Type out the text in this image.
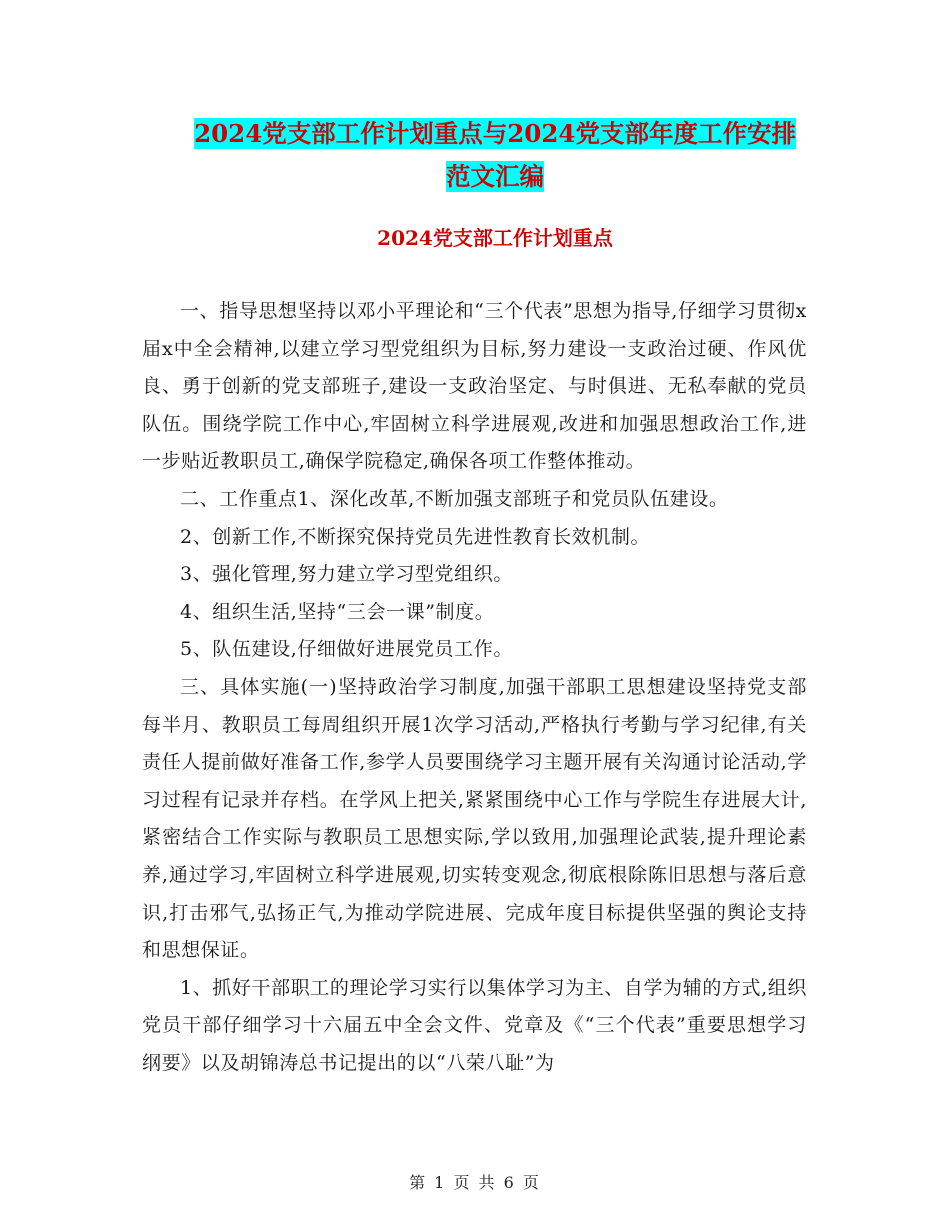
2024党支部工作计划重点与2024党支部年度工作安排
范文汇编
2024党支部工作计划重点

一、指导思想坚持以邓小平理论和“三个代表”思想为指导,仔细学习贯彻x届x中全会精神,以建立学习型党组织为目标,努力建设一支政治过硬、作风优良、勇于创新的党支部班子,建设一支政治坚定、与时俱进、无私奉献的党员队伍。围绕学院工作中心,牢固树立科学进展观,改进和加强思想政治工作,进一步贴近教职员工,确保学院稳定,确保各项工作整体推动。

二、工作重点1、深化改革,不断加强支部班子和党员队伍建设。

2、创新工作,不断探究保持党员先进性教育长效机制。

3、强化管理,努力建立学习型党组织。

4、组织生活,坚持“三会一课”制度。

5、队伍建设,仔细做好进展党员工作。

三、具体实施(一)坚持政治学习制度,加强干部职工思想建设坚持党支部每半月、教职员工每周组织开展1次学习活动,严格执行考勤与学习纪律,有关责任人提前做好准备工作,参学人员要围绕学习主题开展有关沟通讨论活动,学习过程有记录并存档。在学风上把关,紧紧围绕中心工作与学院生存进展大计,紧密结合工作实际与教职员工思想实际,学以致用,加强理论武装,提升理论素养,通过学习,牢固树立科学进展观,切实转变观念,彻底根除陈旧思想与落后意识,打击邪气,弘扬正气,为推动学院进展、完成年度目标提供坚强的舆论支持和思想保证。

1、抓好干部职工的理论学习实行以集体学习为主、自学为辅的方式,组织党员干部仔细学习十六届五中全会文件、党章及《“三个代表”重要思想学习纲要》以及胡锦涛总书记提出的以“八荣八耻”为

第 1 页 共 6 页
